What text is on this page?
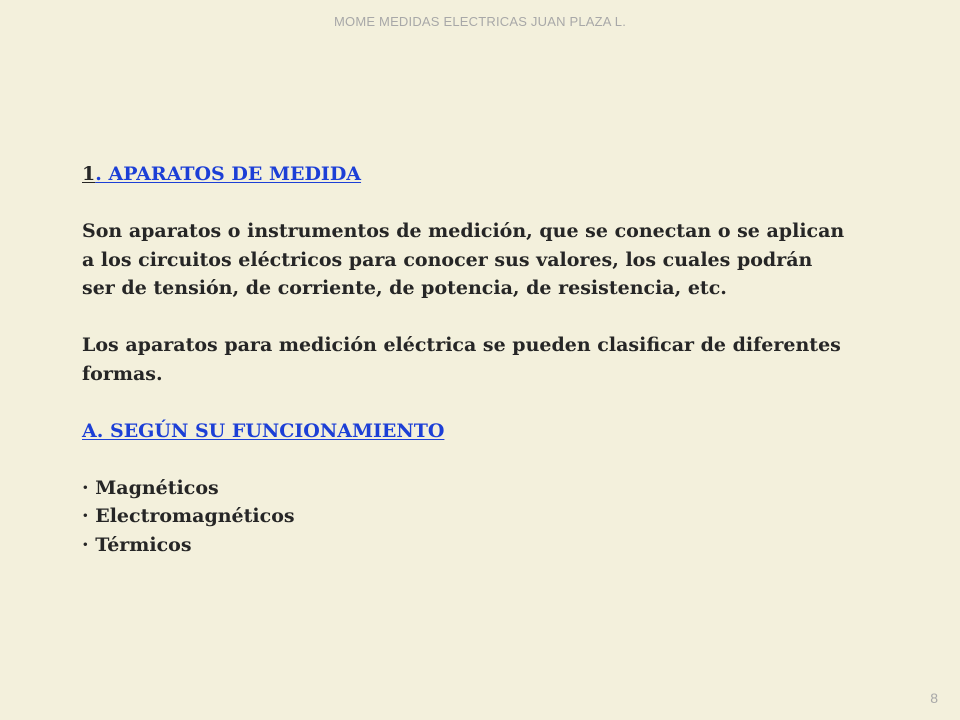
MOME MEDIDAS ELECTRICAS JUAN PLAZA L.
1. APARATOS DE MEDIDA
Son aparatos o instrumentos de medición, que se conectan o se aplican
a los circuitos eléctricos para conocer sus valores, los cuales podrán
ser de tensión, de corriente, de potencia, de resistencia, etc.
Los aparatos para medición eléctrica se pueden clasificar de diferentes
formas.
A. SEGÚN SU FUNCIONAMIENTO
· Magnéticos
· Electromagnéticos
· Térmicos
8
